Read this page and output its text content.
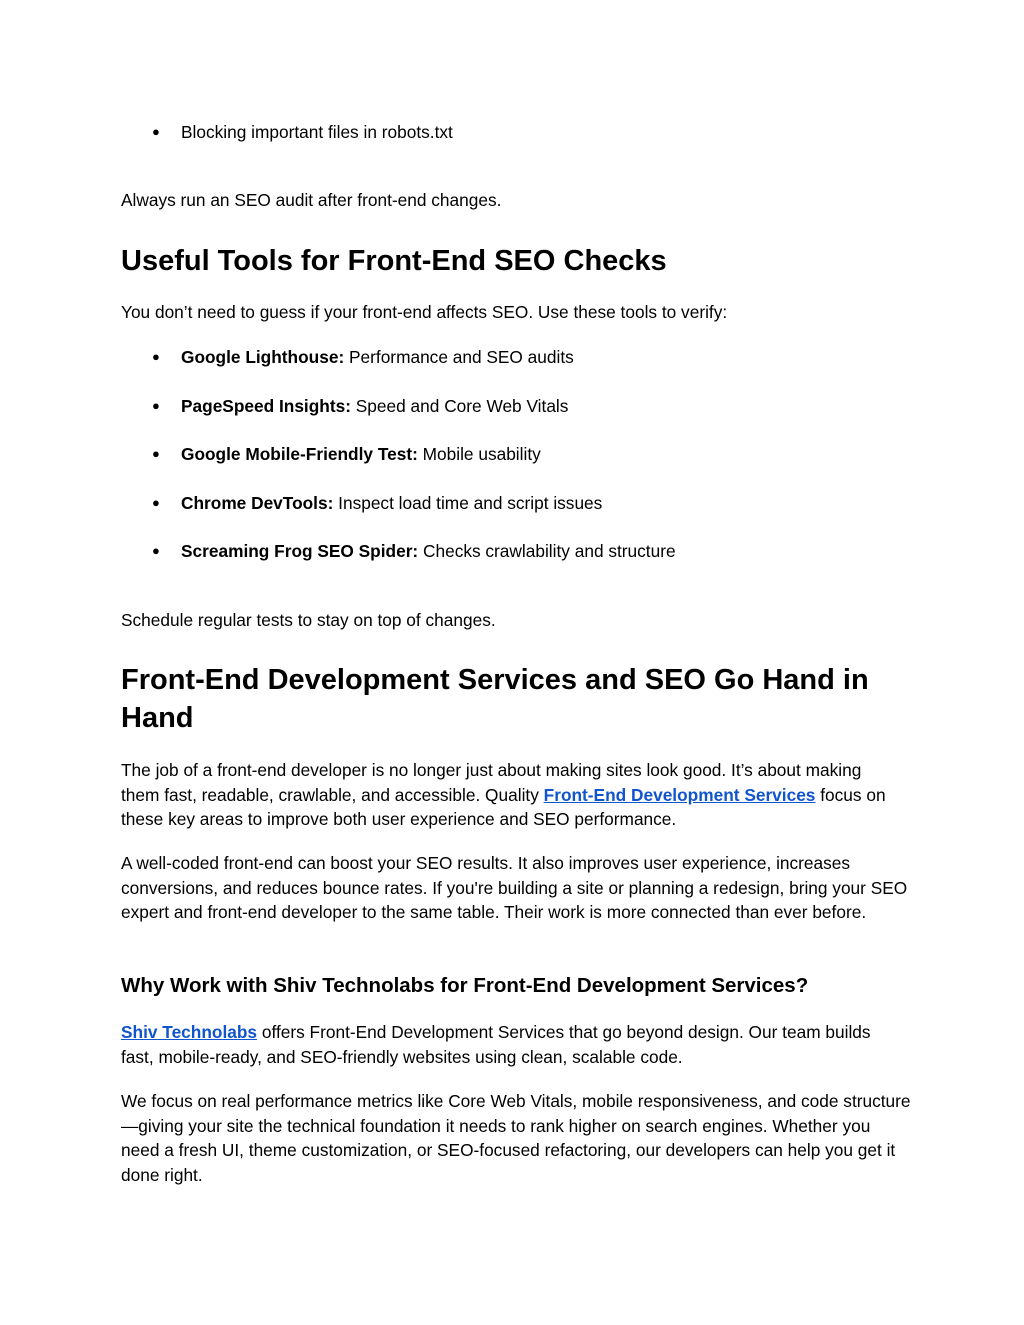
● Blocking important files in robots.txt

Always run an SEO audit after front-end changes.

Useful Tools for Front-End SEO Checks

You don’t need to guess if your front-end affects SEO. Use these tools to verify:

● Google Lighthouse: Performance and SEO audits
● PageSpeed Insights: Speed and Core Web Vitals
● Google Mobile-Friendly Test: Mobile usability
● Chrome DevTools: Inspect load time and script issues
● Screaming Frog SEO Spider: Checks crawlability and structure

Schedule regular tests to stay on top of changes.

Front-End Development Services and SEO Go Hand in Hand

The job of a front-end developer is no longer just about making sites look good. It’s about making them fast, readable, crawlable, and accessible. Quality Front-End Development Services focus on these key areas to improve both user experience and SEO performance.

A well-coded front-end can boost your SEO results. It also improves user experience, increases conversions, and reduces bounce rates. If you're building a site or planning a redesign, bring your SEO expert and front-end developer to the same table. Their work is more connected than ever before.

Why Work with Shiv Technolabs for Front-End Development Services?

Shiv Technolabs offers Front-End Development Services that go beyond design. Our team builds fast, mobile-ready, and SEO-friendly websites using clean, scalable code.

We focus on real performance metrics like Core Web Vitals, mobile responsiveness, and code structure—giving your site the technical foundation it needs to rank higher on search engines. Whether you need a fresh UI, theme customization, or SEO-focused refactoring, our developers can help you get it done right.
